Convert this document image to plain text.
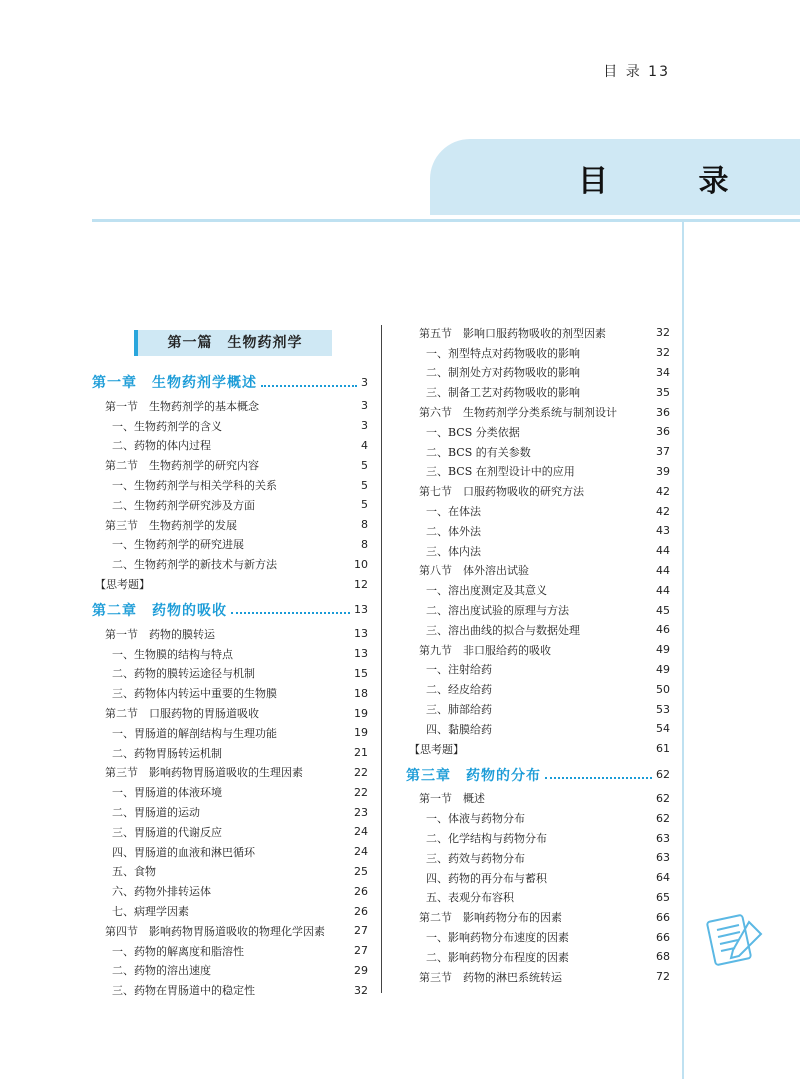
目 录 13
目 录
第一篇　生物药剂学
第一章　生物药剂学概述	3
第一节　生物药剂学的基本概念	3
一、生物药剂学的含义	3
二、药物的体内过程	4
第二节　生物药剂学的研究内容	5
一、生物药剂学与相关学科的关系	5
二、生物药剂学研究涉及方面	5
第三节　生物药剂学的发展	8
一、生物药剂学的研究进展	8
二、生物药剂学的新技术与新方法	10
【思考题】	12
第二章　药物的吸收	13
第一节　药物的膜转运	13
一、生物膜的结构与特点	13
二、药物的膜转运途径与机制	15
三、药物体内转运中重要的生物膜	18
第二节　口服药物的胃肠道吸收	19
一、胃肠道的解剖结构与生理功能	19
二、药物胃肠转运机制	21
第三节　影响药物胃肠道吸收的生理因素	22
一、胃肠道的体液环境	22
二、胃肠道的运动	23
三、胃肠道的代谢反应	24
四、胃肠道的血液和淋巴循环	24
五、食物	25
六、药物外排转运体	26
七、病理学因素	26
第四节　影响药物胃肠道吸收的物理化学因素	27
一、药物的解离度和脂溶性	27
二、药物的溶出速度	29
三、药物在胃肠道中的稳定性	32
第五节　影响口服药物吸收的剂型因素	32
一、剂型特点对药物吸收的影响	32
二、制剂处方对药物吸收的影响	34
三、制备工艺对药物吸收的影响	35
第六节　生物药剂学分类系统与制剂设计	36
一、BCS 分类依据	36
二、BCS 的有关参数	37
三、BCS 在剂型设计中的应用	39
第七节　口服药物吸收的研究方法	42
一、在体法	42
二、体外法	43
三、体内法	44
第八节　体外溶出试验	44
一、溶出度测定及其意义	44
二、溶出度试验的原理与方法	45
三、溶出曲线的拟合与数据处理	46
第九节　非口服给药的吸收	49
一、注射给药	49
二、经皮给药	50
三、肺部给药	53
四、黏膜给药	54
【思考题】	61
第三章　药物的分布	62
第一节　概述	62
一、体液与药物分布	62
二、化学结构与药物分布	63
三、药效与药物分布	63
四、药物的再分布与蓄积	64
五、表观分布容积	65
第二节　影响药物分布的因素	66
一、影响药物分布速度的因素	66
二、影响药物分布程度的因素	68
第三节　药物的淋巴系统转运	72
